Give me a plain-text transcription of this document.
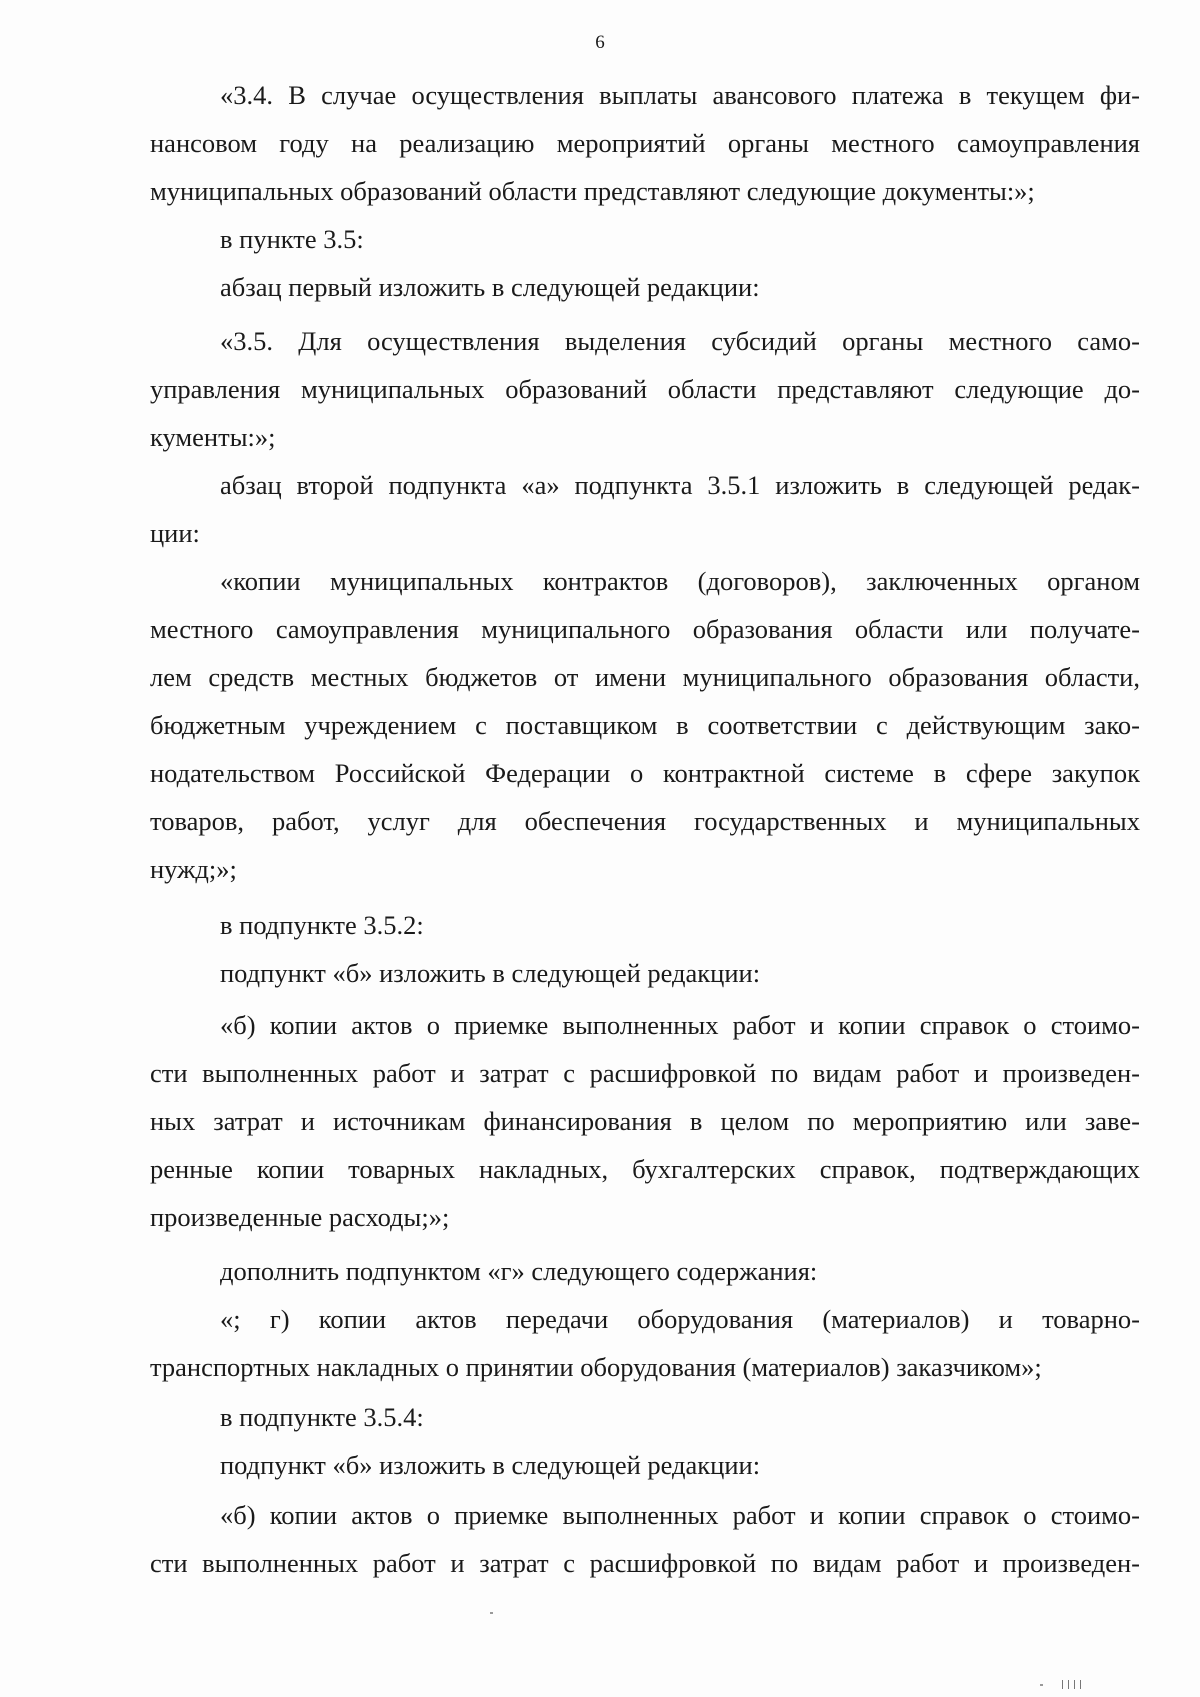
6
«3.4. В случае осуществления выплаты авансового платежа в текущем фи-
нансовом году на реализацию мероприятий органы местного самоуправления
муниципальных образований области представляют следующие документы:»;
в пункте 3.5:
абзац первый изложить в следующей редакции:
«3.5. Для осуществления выделения субсидий органы местного само-
управления муниципальных образований области представляют следующие до-
кументы:»;
абзац второй подпункта «а» подпункта 3.5.1 изложить в следующей редак-
ции:
«копии муниципальных контрактов (договоров), заключенных органом
местного самоуправления муниципального образования области или получате-
лем средств местных бюджетов от имени муниципального образования области,
бюджетным учреждением с поставщиком в соответствии с действующим зако-
нодательством Российской Федерации о контрактной системе в сфере закупок
товаров, работ, услуг для обеспечения государственных и муниципальных
нужд;»;
в подпункте 3.5.2:
подпункт «б» изложить в следующей редакции:
«б) копии актов о приемке выполненных работ и копии справок о стоимо-
сти выполненных работ и затрат с расшифровкой по видам работ и произведен-
ных затрат и источникам финансирования в целом по мероприятию или заве-
ренные копии товарных накладных, бухгалтерских справок, подтверждающих
произведенные расходы;»;
дополнить подпунктом «г» следующего содержания:
«; г) копии актов передачи оборудования (материалов) и товарно-
транспортных накладных о принятии оборудования (материалов) заказчиком»;
в подпункте 3.5.4:
подпункт «б» изложить в следующей редакции:
«б) копии актов о приемке выполненных работ и копии справок о стоимо-
сти выполненных работ и затрат с расшифровкой по видам работ и произведен-
